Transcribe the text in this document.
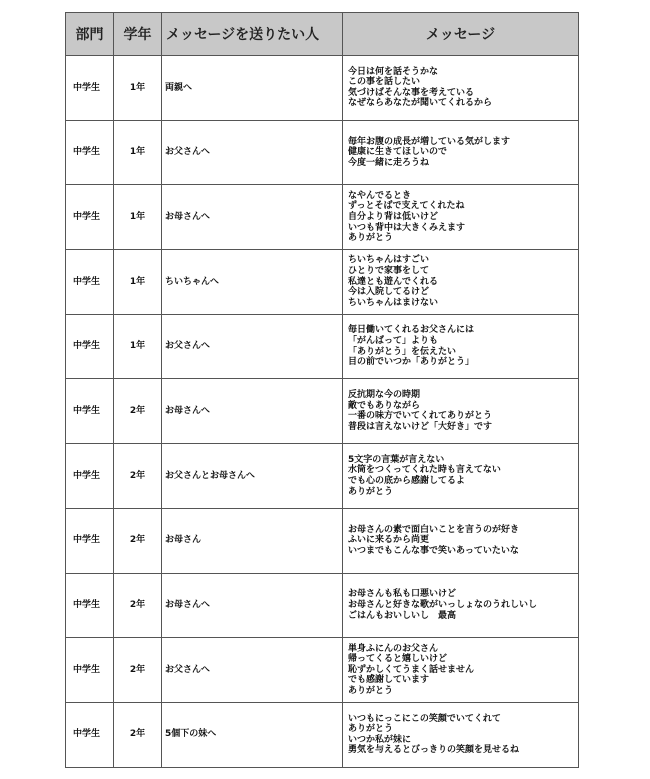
部門	学年	メッセージを送りたい人	メッセージ
中学生	1年	両親へ	今日は何を話そうかな
この事を話したい
気づけばそんな事を考えている
なぜならあなたが聞いてくれるから

中学生	1年	お父さんへ	毎年お腹の成長が増している気がします
健康に生きてほしいので
今度一緒に走ろうね

中学生	1年	お母さんへ	なやんでるとき
ずっとそばで支えてくれたね
自分より背は低いけど
いつも背中は大きくみえます
ありがとう

中学生	1年	ちいちゃんへ	ちいちゃんはすごい
ひとりで家事をして
私達とも遊んでくれる
今は入院してるけど
ちいちゃんはまけない

中学生	1年	お父さんへ	毎日働いてくれるお父さんには
「がんばって」よりも
「ありがとう」を伝えたい
目の前でいつか「ありがとう」

中学生	2年	お母さんへ	反抗期な今の時期
敵でもありながら
一番の味方でいてくれてありがとう
普段は言えないけど「大好き」です

中学生	2年	お父さんとお母さんへ	5文字の言葉が言えない
水筒をつくってくれた時も言えてない
でも心の底から感謝してるよ
ありがとう

中学生	2年	お母さん	お母さんの素で面白いことを言うのが好き
ふいに来るから尚更
いつまでもこんな事で笑いあっていたいな

中学生	2年	お母さんへ	お母さんも私も口悪いけど
お母さんと好きな歌がいっしょなのうれしいし
ごはんもおいしいし　最高

中学生	2年	お父さんへ	単身ふにんのお父さん
帰ってくると嬉しいけど
恥ずかしくてうまく話せません
でも感謝しています
ありがとう

中学生	2年	5個下の妹へ	いつもにっこにこの笑顔でいてくれて
ありがとう
いつか私が妹に
勇気を与えるとびっきりの笑顔を見せるね
